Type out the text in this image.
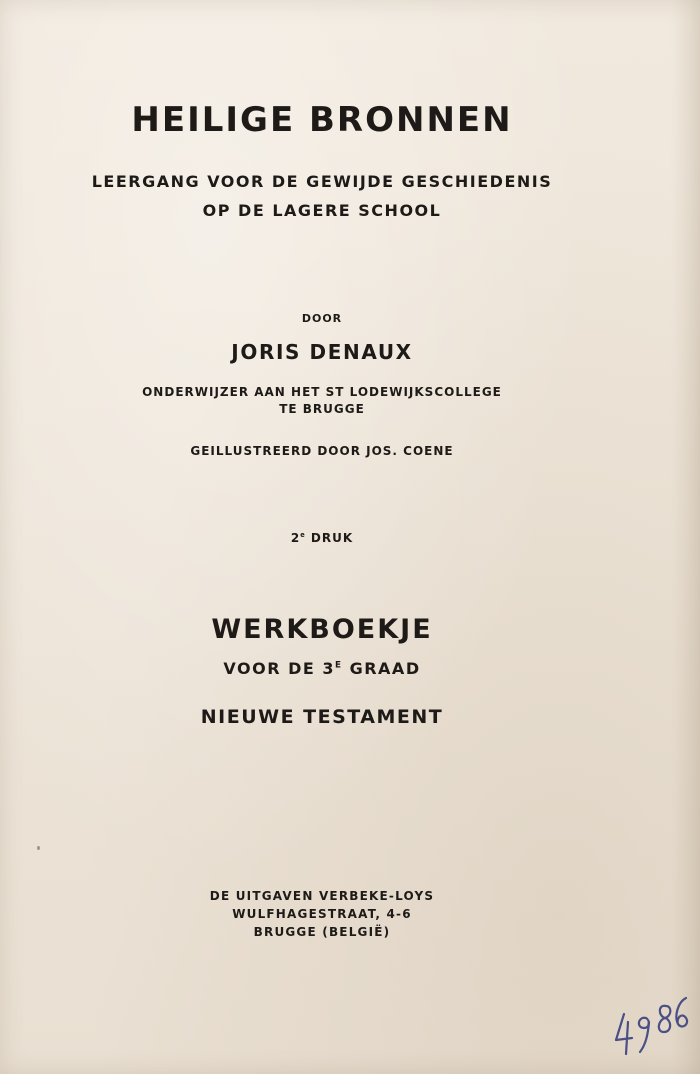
HEILIGE BRONNEN
LEERGANG VOOR DE GEWIJDE GESCHIEDENIS
OP DE LAGERE SCHOOL
DOOR
JORIS DENAUX
ONDERWIJZER AAN HET ST LODEWIJKSCOLLEGE
TE BRUGGE
GEILLUSTREERD DOOR JOS. COENE
2e DRUK
WERKBOEKJE
VOOR DE $3^E$ GRAAD
NIEUWE TESTAMENT
DE UITGAVEN VERBEKE-LOYS
WULFHAGESTRAAT, 4-6
BRUGGE (BELGIË)
